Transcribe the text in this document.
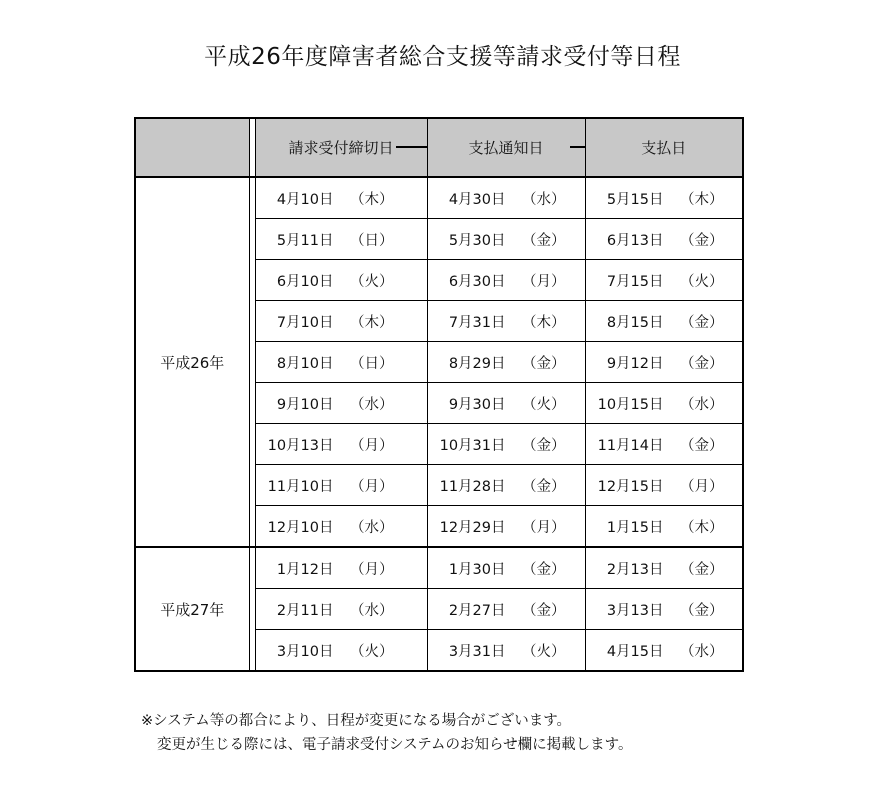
平成26年度障害者総合支援等請求受付等日程
		請求受付締切日	支払通知日	支払日
平成26年		4月10日 （木）	4月30日 （水）	5月15日 （木）
		5月11日 （日）	5月30日 （金）	6月13日 （金）
		6月10日 （火）	6月30日 （月）	7月15日 （火）
		7月10日 （木）	7月31日 （木）	8月15日 （金）
		8月10日 （日）	8月29日 （金）	9月12日 （金）
		9月10日 （水）	9月30日 （火）	10月15日 （水）
		10月13日 （月）	10月31日 （金）	11月14日 （金）
		11月10日 （月）	11月28日 （金）	12月15日 （月）
		12月10日 （水）	12月29日 （月）	1月15日 （木）
平成27年		1月12日 （月）	1月30日 （金）	2月13日 （金）
		2月11日 （水）	2月27日 （金）	3月13日 （金）
		3月10日 （火）	3月31日 （火）	4月15日 （水）
※システム等の都合により、日程が変更になる場合がございます。
変更が生じる際には、電子請求受付システムのお知らせ欄に掲載します。
